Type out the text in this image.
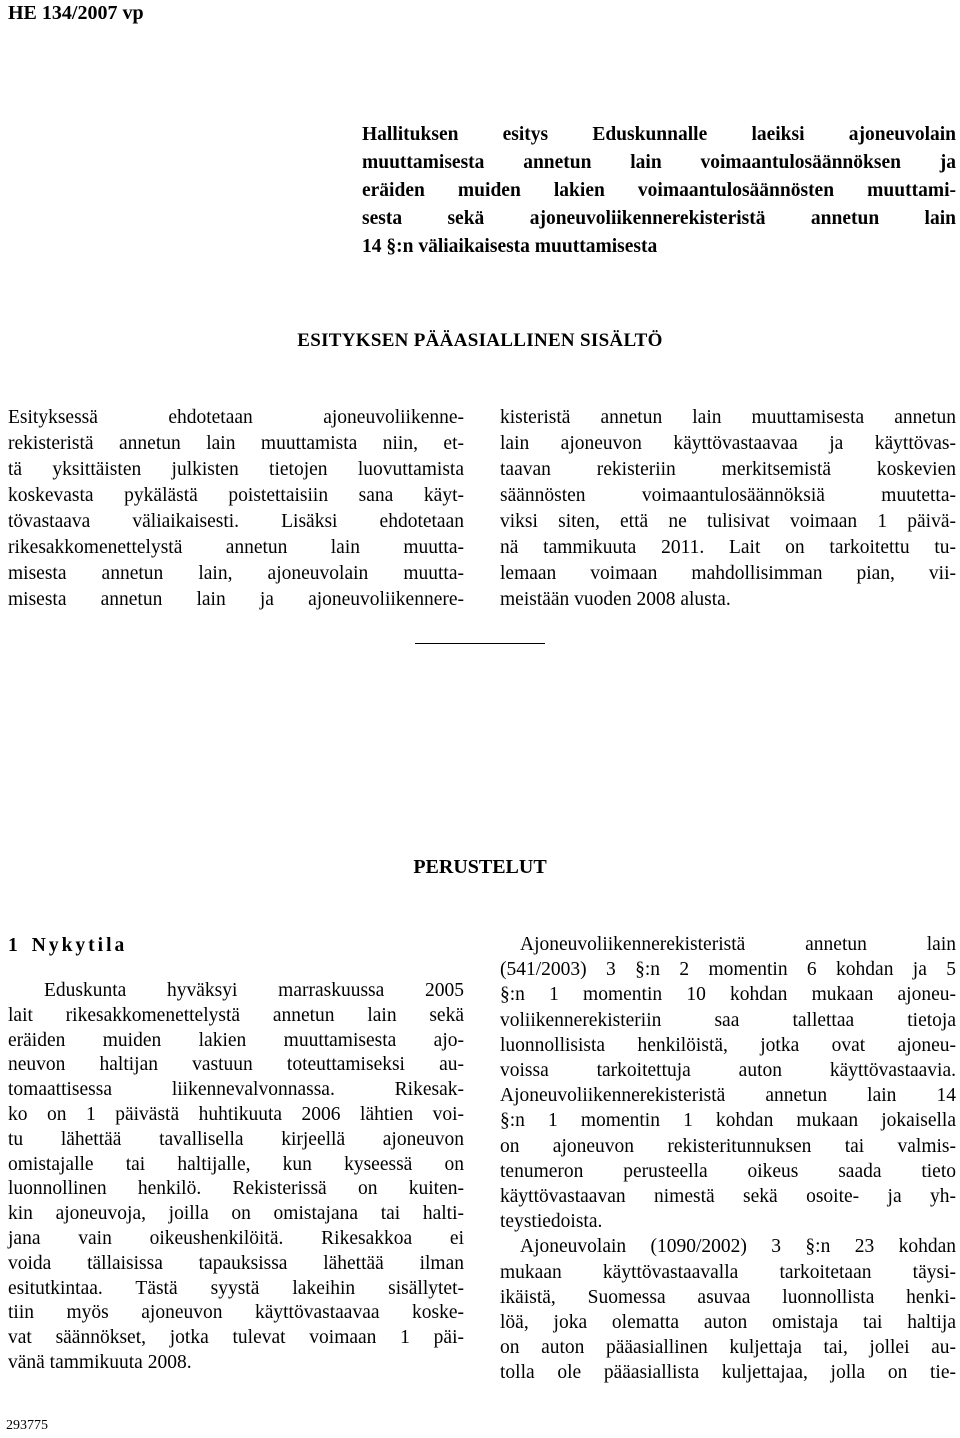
HE 134/2007 vp
Hallituksen esitys Eduskunnalle laeiksi ajoneuvolain
muuttamisesta annetun lain voimaantulosäännöksen ja
eräiden muiden lakien voimaantulosäännösten muuttami-
sesta sekä ajoneuvoliikennerekisteristä annetun lain
14 §:n väliaikaisesta muuttamisesta
ESITYKSEN PÄÄASIALLINEN SISÄLTÖ
Esityksessä ehdotetaan ajoneuvoliikenne-
rekisteristä annetun lain muuttamista niin, et-
tä yksittäisten julkisten tietojen luovuttamista
koskevasta pykälästä poistettaisiin sana käyt-
tövastaava väliaikaisesti. Lisäksi ehdotetaan
rikesakkomenettelystä annetun lain muutta-
misesta annetun lain, ajoneuvolain muutta-
misesta annetun lain ja ajoneuvoliikennere-
kisteristä annetun lain muuttamisesta annetun
lain ajoneuvon käyttövastaavaa ja käyttövas-
taavan rekisteriin merkitsemistä koskevien
säännösten voimaantulosäännöksiä muutetta-
viksi siten, että ne tulisivat voimaan 1 päivä-
nä tammikuuta 2011. Lait on tarkoitettu tu-
lemaan voimaan mahdollisimman pian, vii-
meistään vuoden 2008 alusta.
PERUSTELUT
1 Nykytila
Eduskunta hyväksyi marraskuussa 2005
lait rikesakkomenettelystä annetun lain sekä
eräiden muiden lakien muuttamisesta ajo-
neuvon haltijan vastuun toteuttamiseksi au-
tomaattisessa liikennevalvonnassa. Rikesak-
ko on 1 päivästä huhtikuuta 2006 lähtien voi-
tu lähettää tavallisella kirjeellä ajoneuvon
omistajalle tai haltijalle, kun kyseessä on
luonnollinen henkilö. Rekisterissä on kuiten-
kin ajoneuvoja, joilla on omistajana tai halti-
jana vain oikeushenkilöitä. Rikesakkoa ei
voida tällaisissa tapauksissa lähettää ilman
esitutkintaa. Tästä syystä lakeihin sisällytet-
tiin myös ajoneuvon käyttövastaavaa koske-
vat säännökset, jotka tulevat voimaan 1 päi-
vänä tammikuuta 2008.
Ajoneuvoliikennerekisteristä annetun lain
(541/2003) 3 §:n 2 momentin 6 kohdan ja 5
§:n 1 momentin 10 kohdan mukaan ajoneu-
voliikennerekisteriin saa tallettaa tietoja
luonnollisista henkilöistä, jotka ovat ajoneu-
voissa tarkoitettuja auton käyttövastaavia.
Ajoneuvoliikennerekisteristä annetun lain 14
§:n 1 momentin 1 kohdan mukaan jokaisella
on ajoneuvon rekisteritunnuksen tai valmis-
tenumeron perusteella oikeus saada tieto
käyttövastaavan nimestä sekä osoite- ja yh-
teystiedoista.
Ajoneuvolain (1090/2002) 3 §:n 23 kohdan
mukaan käyttövastaavalla tarkoitetaan täysi-
ikäistä, Suomessa asuvaa luonnollista henki-
löä, joka olematta auton omistaja tai haltija
on auton pääasiallinen kuljettaja tai, jollei au-
tolla ole pääasiallista kuljettajaa, jolla on tie-
293775
